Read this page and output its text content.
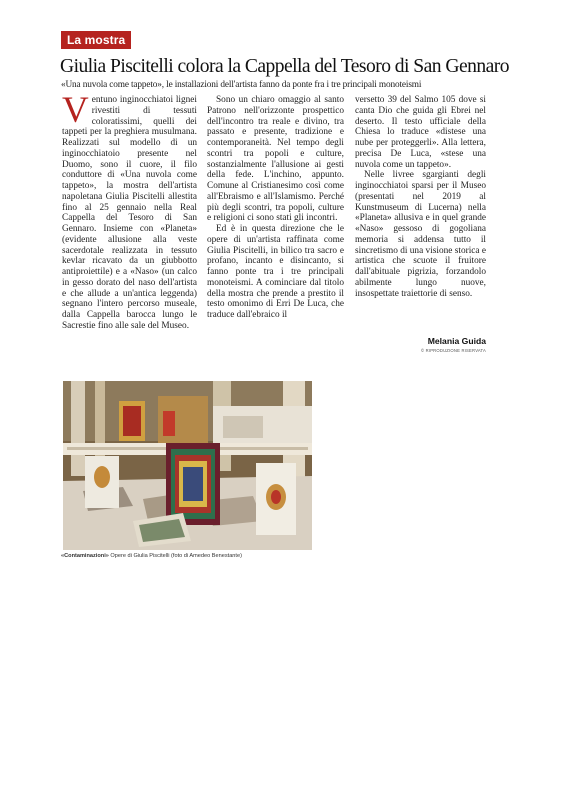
La mostra
Giulia Piscitelli colora la Cappella del Tesoro di San Gennaro

«Una nuvola come tappeto», le installazioni dell'artista fanno da ponte fra i tre principali monoteismi

Ventuno inginocchiatoi lignei rivestiti di tessuti coloratissimi, quelli dei tappeti per la preghiera musulmana. Realizzati sul modello di un inginocchiatoio presente nel Duomo, sono il cuore, il filo conduttore di «Una nuvola come tappeto», la mostra dell'artista napoletana Giulia Piscitelli allestita fino al 25 gennaio nella Real Cappella del Tesoro di San Gennaro. Insieme con «Planeta» (evidente allusione alla veste sacerdotale realizzata in tessuto kevlar ricavato da un giubbotto antiproiettile) e a «Naso» (un calco in gesso dorato del naso dell'artista e che allude a un'antica leggenda) segnano l'intero percorso museale, dalla Cappella barocca lungo le Sacrestie fino alle sale del Museo.

Sono un chiaro omaggio al santo Patrono nell'orizzonte prospettico dell'incontro tra reale e divino, tra passato e presente, tradizione e contemporaneità. Nel tempo degli scontri tra popoli e culture, sostanzialmente l'allusione ai gesti della fede. L'inchino, appunto. Comune al Cristianesimo così come all'Ebraismo e all'Islamismo. Perché più degli scontri, tra popoli, culture e religioni ci sono stati gli incontri.

Ed è in questa direzione che le opere di un'artista raffinata come Giulia Piscitelli, in bilico tra sacro e profano, incanto e disincanto, si fanno ponte tra i tre principali monoteismi. A cominciare dal titolo della mostra che prende a prestito il testo omonimo di Erri De Luca, che traduce dall'ebraico il

versetto 39 del Salmo 105 dove si canta Dio che guida gli Ebrei nel deserto. Il testo ufficiale della Chiesa lo traduce «distese una nube per proteggerli». Alla lettera, precisa De Luca, «stese una nuvola come un tappeto».

Nelle livree sgargianti degli inginocchiatoi sparsi per il Museo (presentati nel 2019 al Kunstmuseum di Lucerna) nella «Planeta» allusiva e in quel grande «Naso» gessoso di gogoliana memoria si addensa tutto il sincretismo di una visione storica e artistica che scuote il fruitore dall'abituale pigrizia, forzandolo abilmente lungo nuove, insospettate traiettorie di senso.

Melania Guida
© RIPRODUZIONE RISERVATA
«Contaminazioni» Opere di Giulia Piscitelli (foto di Amedeo Benestante)
